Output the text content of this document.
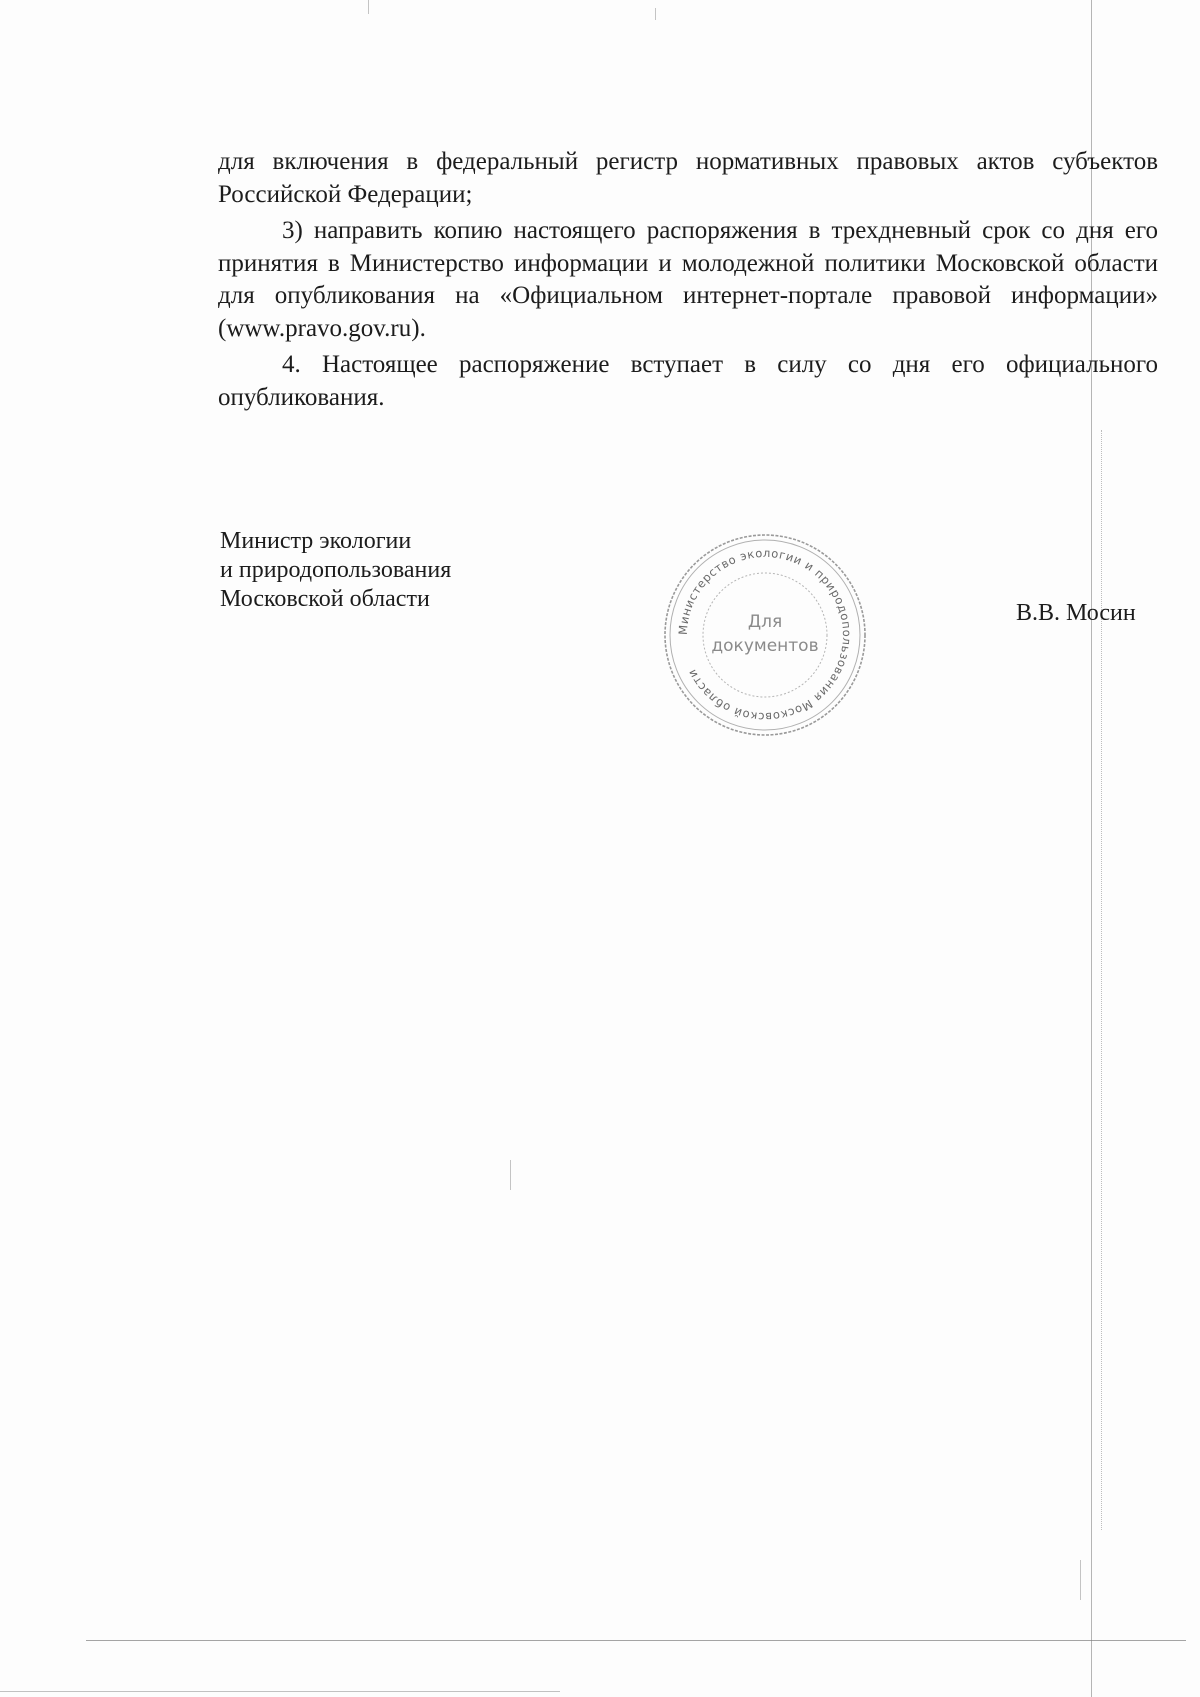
для включения в федеральный регистр нормативных правовых актов субъектов Российской Федерации;

3) направить копию настоящего распоряжения в трехдневный срок со дня его принятия в Министерство информации и молодежной политики Московской области для опубликования на «Официальном интернет-портале правовой информации» (www.pravo.gov.ru).

4. Настоящее распоряжение вступает в силу со дня его официального опубликования.

Министр экологии
и природопользования
Московской области
Министерство экологии и природопользования Московской области
Для
документов
В.В. Мосин
